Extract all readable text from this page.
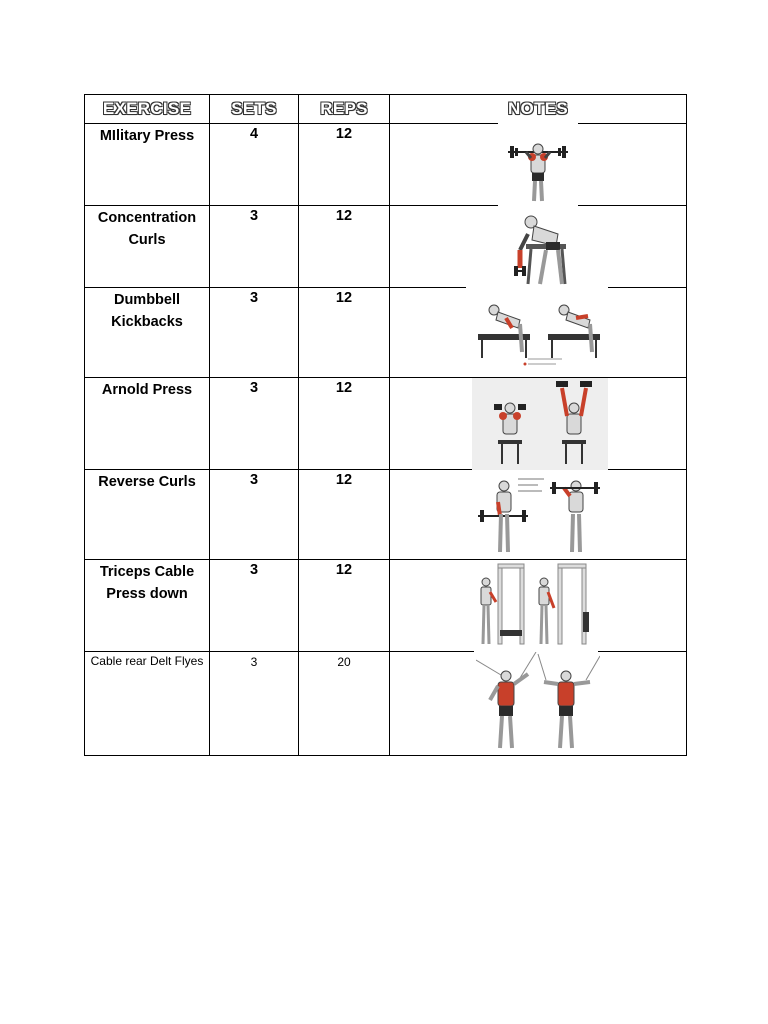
EXERCISE	SETS	REPS	NOTES
MIlitary Press	4	12	

Concentration Curls	3	12	

Dumbbell Kickbacks	3	12	

Arnold Press	3	12	

Reverse Curls	3	12	

Triceps Cable Press down	3	12	

Cable rear Delt Flyes	3	20	
